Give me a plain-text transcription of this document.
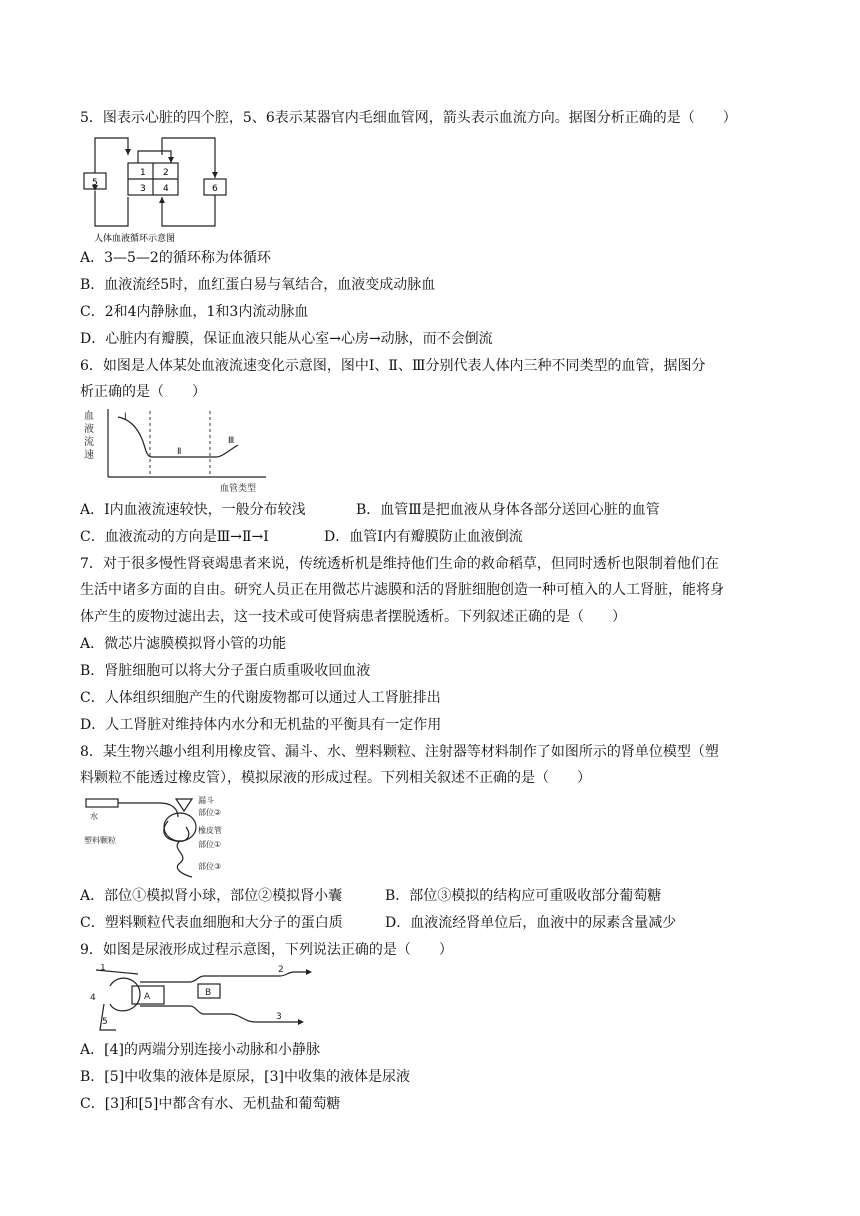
5．图表示心脏的四个腔，5、6表示某器官内毛细血管网，箭头表示血流方向。据图分析正确的是（　　）
1 2
3 4
5
6
人体血液循环示意图
A．3—5—2的循环称为体循环
B．血液流经5时，血红蛋白易与氧结合，血液变成动脉血
C．2和4内静脉血，1和3内流动脉血
D．心脏内有瓣膜，保证血液只能从心室→心房→动脉，而不会倒流
6．如图是人体某处血液流速变化示意图，图中Ⅰ、Ⅱ、Ⅲ分别代表人体内三种不同类型的血管，据图分
析正确的是（　　）
血
液
流
速
Ⅰ
Ⅱ
Ⅲ
血管类型
A．Ⅰ内血液流速较快，一般分布较浅	B．血管Ⅲ是把血液从身体各部分送回心脏的血管
C．血液流动的方向是Ⅲ→Ⅱ→Ⅰ	D．血管Ⅰ内有瓣膜防止血液倒流
7．对于很多慢性肾衰竭患者来说，传统透析机是维持他们生命的救命稻草，但同时透析也限制着他们在
生活中诸多方面的自由。研究人员正在用微芯片滤膜和活的肾脏细胞创造一种可植入的人工肾脏，能将身
体产生的废物过滤出去，这一技术或可使肾病患者摆脱透析。下列叙述正确的是（　　）
A．微芯片滤膜模拟肾小管的功能
B．肾脏细胞可以将大分子蛋白质重吸收回血液
C．人体组织细胞产生的代谢废物都可以通过人工肾脏排出
D．人工肾脏对维持体内水分和无机盐的平衡具有一定作用
8．某生物兴趣小组利用橡皮管、漏斗、水、塑料颗粒、注射器等材料制作了如图所示的肾单位模型（塑
料颗粒不能透过橡皮管），模拟尿液的形成过程。下列相关叙述不正确的是（　　）
水
漏斗
部位②
橡皮管
塑料颗粒	部位①
部位③
A．部位①模拟肾小球，部位②模拟肾小囊	B．部位③模拟的结构应可重吸收部分葡萄糖
C．塑料颗粒代表血细胞和大分子的蛋白质	D．血液流经肾单位后，血液中的尿素含量减少
9．如图是尿液形成过程示意图，下列说法正确的是（　　）
1	2
3
4
5
A	B
A．[4]的两端分别连接小动脉和小静脉
B．[5]中收集的液体是原尿，[3]中收集的液体是尿液
C．[3]和[5]中都含有水、无机盐和葡萄糖
